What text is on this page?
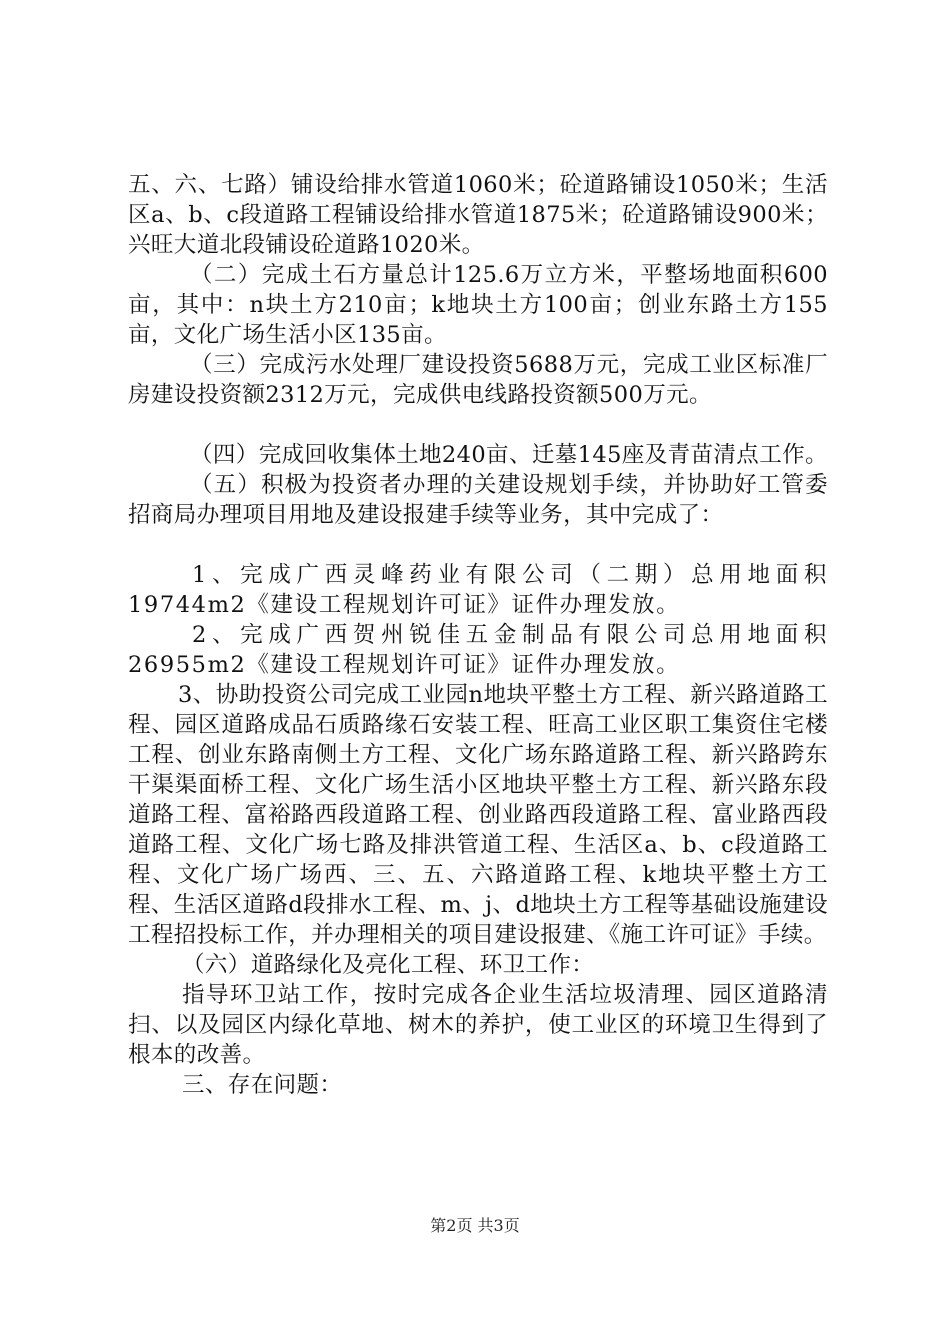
五、六、七路）铺设给排水管道1060米；砼道路铺设1050米；生活区a、b、c段道路工程铺设给排水管道1875米；砼道路铺设900米；兴旺大道北段铺设砼道路1020米。

（二）完成土石方量总计125.6万立方米，平整场地面积600亩，其中：n块土方210亩；k地块土方100亩；创业东路土方155亩，文化广场生活小区135亩。

（三）完成污水处理厂建设投资5688万元，完成工业区标准厂房建设投资额2312万元，完成供电线路投资额500万元。

（四）完成回收集体土地240亩、迁墓145座及青苗清点工作。

（五）积极为投资者办理的关建设规划手续，并协助好工管委招商局办理项目用地及建设报建手续等业务，其中完成了：

1、完成广西灵峰药业有限公司（二期）总用地面积19744m2《建设工程规划许可证》证件办理发放。

2、完成广西贺州锐佳五金制品有限公司总用地面积26955m2《建设工程规划许可证》证件办理发放。

3、协助投资公司完成工业园n地块平整土方工程、新兴路道路工程、园区道路成品石质路缘石安装工程、旺高工业区职工集资住宅楼工程、创业东路南侧土方工程、文化广场东路道路工程、新兴路跨东干渠渠面桥工程、文化广场生活小区地块平整土方工程、新兴路东段道路工程、富裕路西段道路工程、创业路西段道路工程、富业路西段道路工程、文化广场七路及排洪管道工程、生活区a、b、c段道路工程、文化广场广场西、三、五、六路道路工程、k地块平整土方工程、生活区道路d段排水工程、m、j、d地块土方工程等基础设施建设工程招投标工作，并办理相关的项目建设报建、《施工许可证》手续。

（六）道路绿化及亮化工程、环卫工作：

指导环卫站工作，按时完成各企业生活垃圾清理、园区道路清扫、以及园区内绿化草地、树木的养护，使工业区的环境卫生得到了根本的改善。

三、存在问题：

第2页 共3页
